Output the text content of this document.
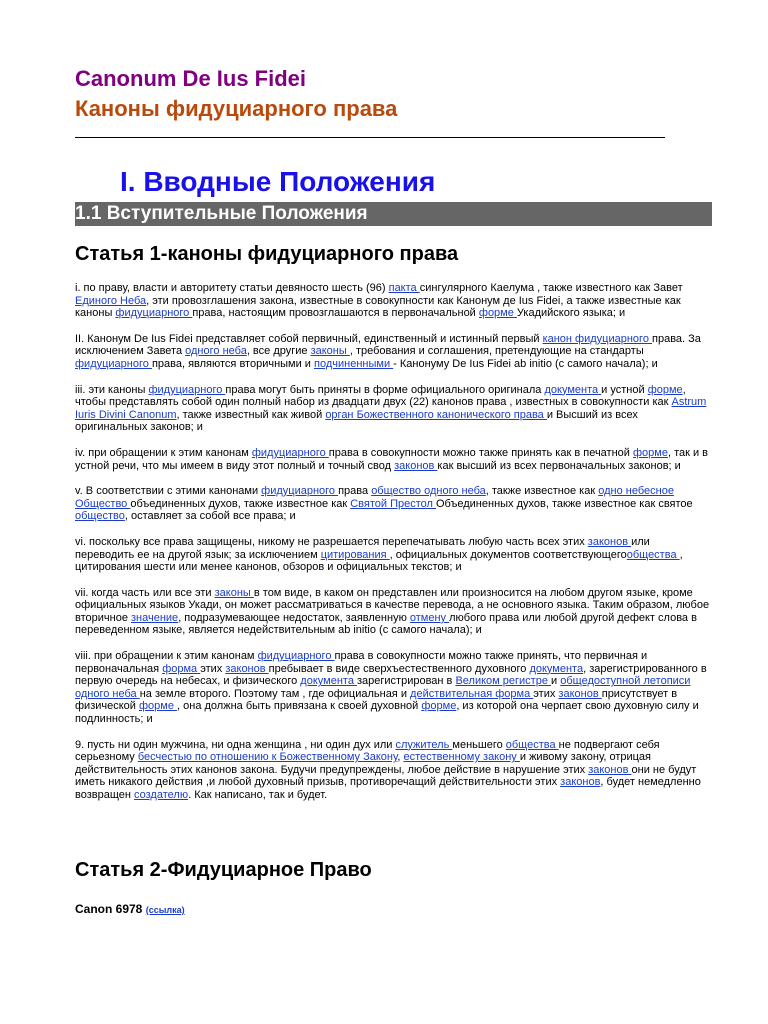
Canonum De Ius Fidei
Каноны фидуциарного права
I. Вводные Положения
1.1 Вступительные Положения
Статья 1-каноны фидуциарного права

i. по праву, власти и авторитету статьи девяносто шесть (96) пакта сингулярного Каелума , также известного как Завет Единого Неба, эти провозглашения закона, известные в совокупности как Канонум де Ius Fidei, а также известные как каноны фидуциарного права, настоящим провозглашаются в первоначальной форме Укадийского языка; и

II. Канонум De Ius Fidei представляет собой первичный, единственный и истинный первый канон фидуциарного права. За исключением Завета одного неба, все другие законы , требования и соглашения, претендующие на стандарты фидуциарного права, являются вторичными и подчиненными - Канонуму De Ius Fidei ab initio (с самого начала); и

iii. эти каноны фидуциарного права могут быть приняты в форме официального оригинала документа и устной форме, чтобы представлять собой один полный набор из двадцати двух (22) канонов права , известных в совокупности как Astrum Iuris Divini Canonum, также известный как живой орган Божественного канонического права и Высший из всех оригинальных законов; и

iv. при обращении к этим канонам фидуциарного права в совокупности можно также принять как в печатной форме, так и в устной речи, что мы имеем в виду этот полный и точный свод законов как высший из всех первоначальных законов; и

v. В соответствии с этими канонами фидуциарного права общество одного неба, также известное как одно небесное Общество объединенных духов, также известное как Святой Престол Объединенных духов, также известное как святое общество, оставляет за собой все права; и

vi. поскольку все права защищены, никому не разрешается перепечатывать любую часть всех этих законов или переводить ее на другой язык; за исключением цитирования , официальных документов соответствующегообщества , цитирования шести или менее канонов, обзоров и официальных текстов; и

vii. когда часть или все эти законы в том виде, в каком он представлен или произносится на любом другом языке, кроме официальных языков Укади, он может рассматриваться в качестве перевода, а не основного языка. Таким образом, любое вторичное значение, подразумевающее недостаток, заявленную отмену любого права или любой другой дефект слова в переведенном языке, является недействительным ab initio (с самого начала); и

viii. при обращении к этим канонам фидуциарного права в совокупности можно также принять, что первичная и первоначальная форма этих законов пребывает в виде сверхъестественного духовного документа, зарегистрированного в первую очередь на небесах, и физического документа зарегистрирован в Великом регистре и общедоступной летописи одного неба на земле второго. Поэтому там , где официальная и действительная форма этих законов присутствует в физической форме , она должна быть привязана к своей духовной форме, из которой она черпает свою духовную силу и подлинность; и

9. пусть ни один мужчина, ни одна женщина , ни один дух или служитель меньшего общества не подвергают себя серьезному бесчестью по отношению к Божественному Закону, естественному закону и живому закону, отрицая действительность этих канонов закона. Будучи предупреждены, любое действие в нарушение этих законов они не будут иметь никакого действия ,и любой духовный призыв, противоречащий действительности этих законов, будет немедленно возвращен создателю. Как написано, так и будет.

Статья 2-Фидуциарное Право
Canon 6978 (ссылка)
